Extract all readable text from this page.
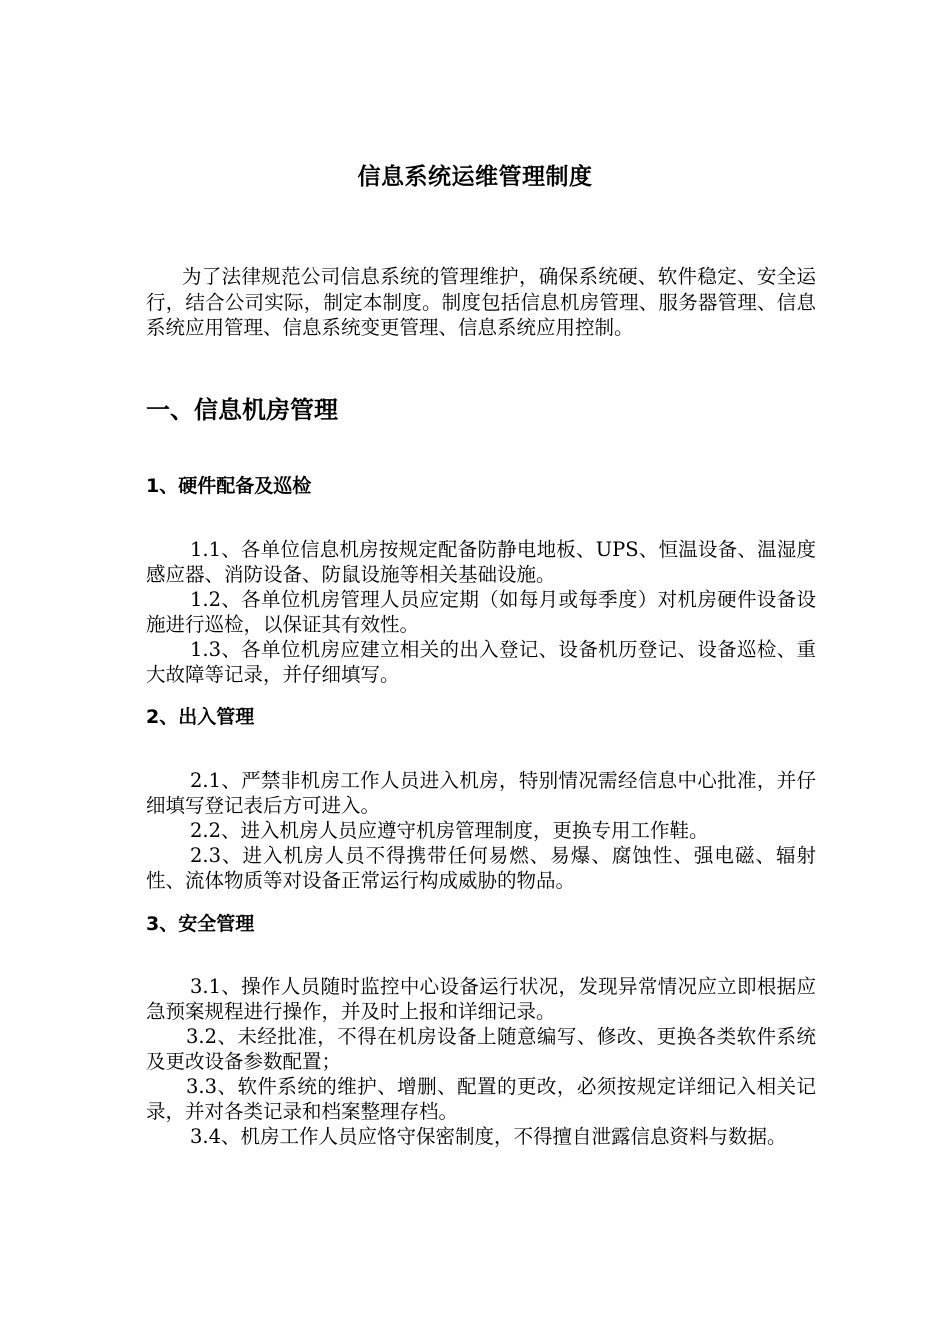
信息系统运维管理制度

为了法律规范公司信息系统的管理维护，确保系统硬、软件稳定、安全运行，结合公司实际，制定本制度。制度包括信息机房管理、服务器管理、信息系统应用管理、信息系统变更管理、信息系统应用控制。

一、信息机房管理
1、硬件配备及巡检

1.1、各单位信息机房按规定配备防静电地板、UPS、恒温设备、温湿度感应器、消防设备、防鼠设施等相关基础设施。

1.2、各单位机房管理人员应定期（如每月或每季度）对机房硬件设备设施进行巡检，以保证其有效性。

1.3、各单位机房应建立相关的出入登记、设备机历登记、设备巡检、重大故障等记录，并仔细填写。

2、出入管理

2.1、严禁非机房工作人员进入机房，特别情况需经信息中心批准，并仔细填写登记表后方可进入。

2.2、进入机房人员应遵守机房管理制度，更换专用工作鞋。

2.3、进入机房人员不得携带任何易燃、易爆、腐蚀性、强电磁、辐射性、流体物质等对设备正常运行构成威胁的物品。

3、安全管理

3.1、操作人员随时监控中心设备运行状况，发现异常情况应立即根据应急预案规程进行操作，并及时上报和详细记录。

3.2、未经批准，不得在机房设备上随意编写、修改、更换各类软件系统及更改设备参数配置；

3.3、软件系统的维护、增删、配置的更改，必须按规定详细记入相关记录，并对各类记录和档案整理存档。

3.4、机房工作人员应恪守保密制度，不得擅自泄露信息资料与数据。
